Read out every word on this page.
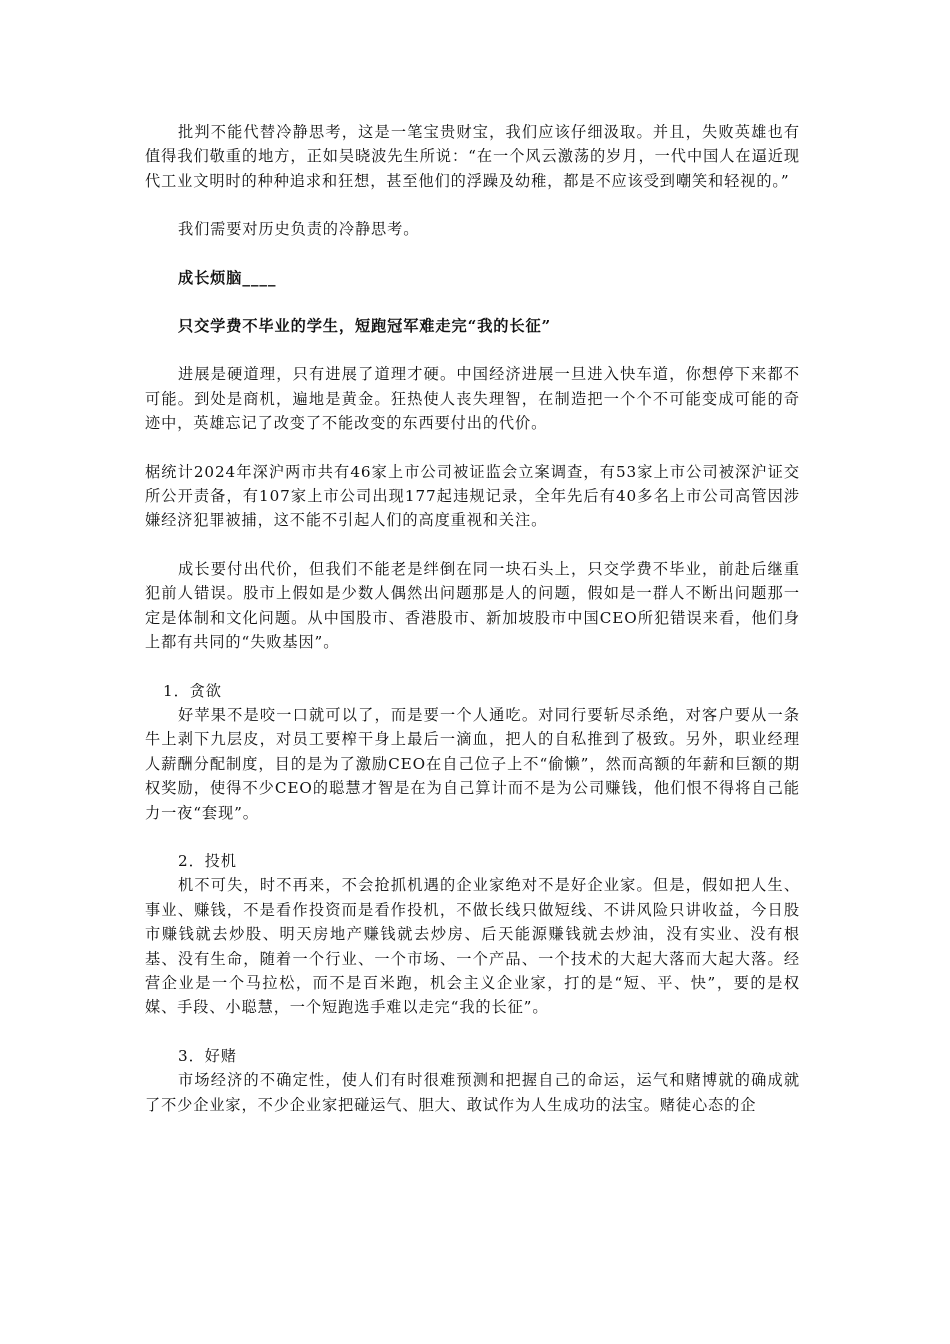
批判不能代替冷静思考，这是一笔宝贵财宝，我们应该仔细汲取。并且，失败英雄也有值得我们敬重的地方，正如吴晓波先生所说：“在一个风云激荡的岁月，一代中国人在逼近现代工业文明时的种种追求和狂想，甚至他们的浮躁及幼稚，都是不应该受到嘲笑和轻视的。”

我们需要对历史负责的冷静思考。

成长烦脑____

只交学费不毕业的学生，短跑冠军难走完“我的长征”

进展是硬道理，只有进展了道理才硬。中国经济进展一旦进入快车道，你想停下来都不可能。到处是商机，遍地是黄金。狂热使人丧失理智，在制造把一个个不可能变成可能的奇迹中，英雄忘记了改变了不能改变的东西要付出的代价。

椐统计2024年深沪两市共有46家上市公司被证监会立案调查，有53家上市公司被深沪证交所公开责备，有107家上市公司出现177起违规记录，全年先后有40多名上市公司高管因涉嫌经济犯罪被捕，这不能不引起人们的高度重视和关注。

成长要付出代价，但我们不能老是绊倒在同一块石头上，只交学费不毕业，前赴后继重犯前人错误。股市上假如是少数人偶然出问题那是人的问题，假如是一群人不断出问题那一定是体制和文化问题。从中国股市、香港股市、新加坡股市中国CEO所犯错误来看，他们身上都有共同的“失败基因”。

1．贪欲

好苹果不是咬一口就可以了，而是要一个人通吃。对同行要斩尽杀绝，对客户要从一条牛上剥下九层皮，对员工要榨干身上最后一滴血，把人的自私推到了极致。另外，职业经理人薪酬分配制度，目的是为了激励CEO在自己位子上不“偷懒”，然而高额的年薪和巨额的期权奖励，使得不少CEO的聪慧才智是在为自己算计而不是为公司赚钱，他们恨不得将自己能力一夜“套现”。

2．投机

机不可失，时不再来，不会抢抓机遇的企业家绝对不是好企业家。但是，假如把人生、事业、赚钱，不是看作投资而是看作投机，不做长线只做短线、不讲风险只讲收益，今日股市赚钱就去炒股、明天房地产赚钱就去炒房、后天能源赚钱就去炒油，没有实业、没有根基、没有生命，随着一个行业、一个市场、一个产品、一个技术的大起大落而大起大落。经营企业是一个马拉松，而不是百米跑，机会主义企业家，打的是“短、平、快”，要的是权媒、手段、小聪慧，一个短跑选手难以走完“我的长征”。

3．好赌

市场经济的不确定性，使人们有时很难预测和把握自己的命运，运气和赌博就的确成就了不少企业家，不少企业家把碰运气、胆大、敢试作为人生成功的法宝。赌徒心态的企
